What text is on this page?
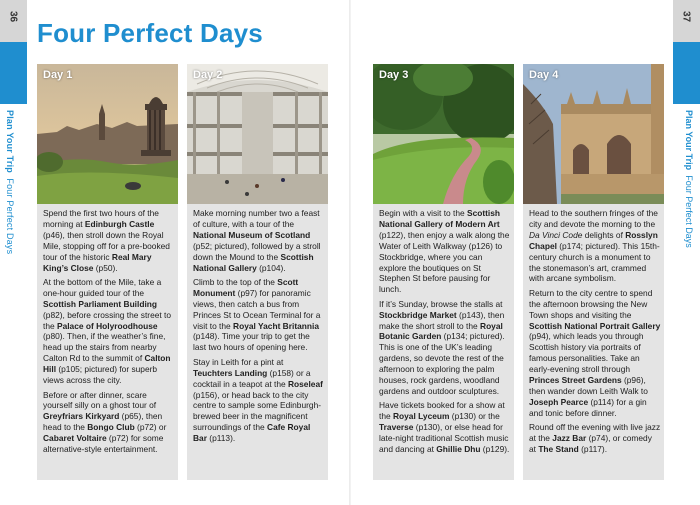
36
Plan Your Trip  Four Perfect Days
37
Plan Your Trip  Four Perfect Days
Four Perfect Days
Day 1

Spend the first two hours of the morning at Edinburgh Castle (p46), then stroll down the Royal Mile, stopping off for a pre-booked tour of the historic Real Mary King’s Close (p50).

At the bottom of the Mile, take a one-hour guided tour of the Scottish Parliament Building (p82), before crossing the street to the Palace of Holyroodhouse (p80). Then, if the weather’s fine, head up the stairs from nearby Calton Rd to the summit of Calton Hill (p105; pictured) for superb views across the city.

Before or after dinner, scare yourself silly on a ghost tour of Greyfriars Kirkyard (p65), then head to the Bongo Club (p72) or Cabaret Voltaire (p72) for some alternative-style entertainment.

Day 2

Make morning number two a feast of culture, with a tour of the National Museum of Scotland (p52; pictured), followed by a stroll down the Mound to the Scottish National Gallery (p104).

Climb to the top of the Scott Monument (p97) for panoramic views, then catch a bus from Princes St to Ocean Terminal for a visit to the Royal Yacht Britannia (p148). Time your trip to get the last two hours of opening here.

Stay in Leith for a pint at Teuchters Landing (p158) or a cocktail in a teapot at the Roseleaf (p156), or head back to the city centre to sample some Edinburgh-brewed beer in the magnificent surroundings of the Cafe Royal Bar (p113).

Day 3

Begin with a visit to the Scottish National Gallery of Modern Art (p122), then enjoy a walk along the Water of Leith Walkway (p126) to Stockbridge, where you can explore the boutiques on St Stephen St before pausing for lunch.

If it’s Sunday, browse the stalls at Stockbridge Market (p143), then make the short stroll to the Royal Botanic Garden (p134; pictured). This is one of the UK’s leading gardens, so devote the rest of the afternoon to exploring the palm houses, rock gardens, woodland gardens and outdoor sculptures.

Have tickets booked for a show at the Royal Lyceum (p130) or the Traverse (p130), or else head for late-night traditional Scottish music and dancing at Ghillie Dhu (p129).

Day 4

Head to the southern fringes of the city and devote the morning to the Da Vinci Code delights of Rosslyn Chapel (p174; pictured). This 15th-century church is a monument to the stonemason’s art, crammed with arcane symbolism.

Return to the city centre to spend the afternoon browsing the New Town shops and visiting the Scottish National Portrait Gallery (p94), which leads you through Scottish history via portraits of famous personalities. Take an early-evening stroll through Princes Street Gardens (p96), then wander down Leith Walk to Joseph Pearce (p114) for a gin and tonic before dinner.

Round off the evening with live jazz at the Jazz Bar (p74), or comedy at The Stand (p117).
